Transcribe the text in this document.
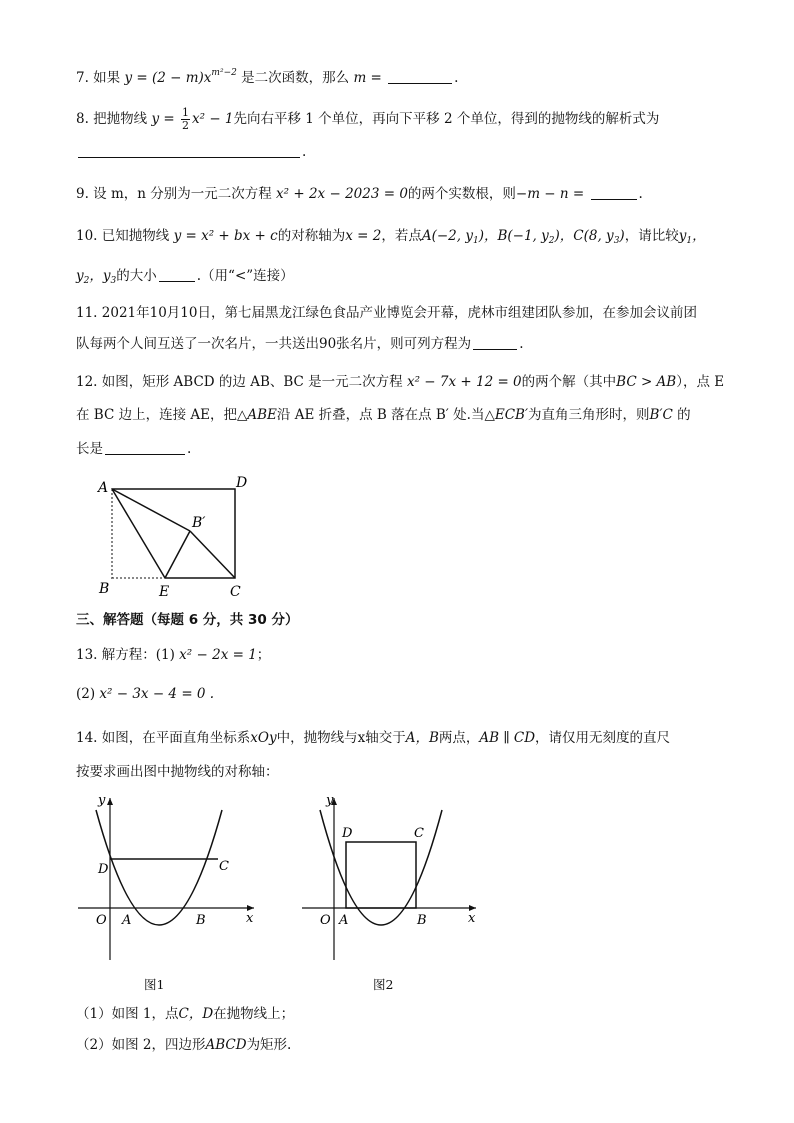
7. 如果 $y = (2 - m)x^{m^2-2}$ 是二次函数，那么 m =	.
8. 把抛物线 $y = \frac{1}{2} x^2 - 1$先向右平移 1 个单位，再向下平移 2 个单位，得到的抛物线的解析式为
.
9. 设 m，n 分别为一元二次方程 x² + 2x − 2023 = 0的两个实数根，则−m − n =	.
10. 已知抛物线 y = x² + bx + c的对称轴为x = 2，若点A(−2, $y_1$)，B(−1, $y_2$)，C(8, $y_3$)，请比较$y_1$，
$y_2$，$y_3$的大小	.（用“<”连接）
11. 2021年10月10日，第七届黑龙江绿色食品产业博览会开幕，虎林市组建团队参加，在参加会议前团
队每两个人间互送了一次名片，一共送出90张名片，则可列方程为	.
12. 如图，矩形 ABCD 的边 AB、BC 是一元二次方程 x² − 7x + 12 = 0的两个解（其中BC > AB），点 E
在 BC 边上，连接 AE，把△ABE沿 AE 折叠，点 B 落在点 B′ 处.当△ECB′为直角三角形时，则B′C 的
长是	.
A	D
B′
B	E	C
三、解答题（每题 6 分，共 30 分）
13. 解方程：(1) x² − 2x = 1；
(2) x² − 3x − 4 = 0 .
14. 如图，在平面直角坐标系xOy中，抛物线与x轴交于A，B两点，AB ∥ CD，请仅用无刻度的直尺
按要求画出图中抛物线的对称轴：
y
x
O A	B
D	C
图1
y
x
O A	B
D	C
图2
（1）如图 1，点C，D在抛物线上；
（2）如图 2，四边形ABCD为矩形.
